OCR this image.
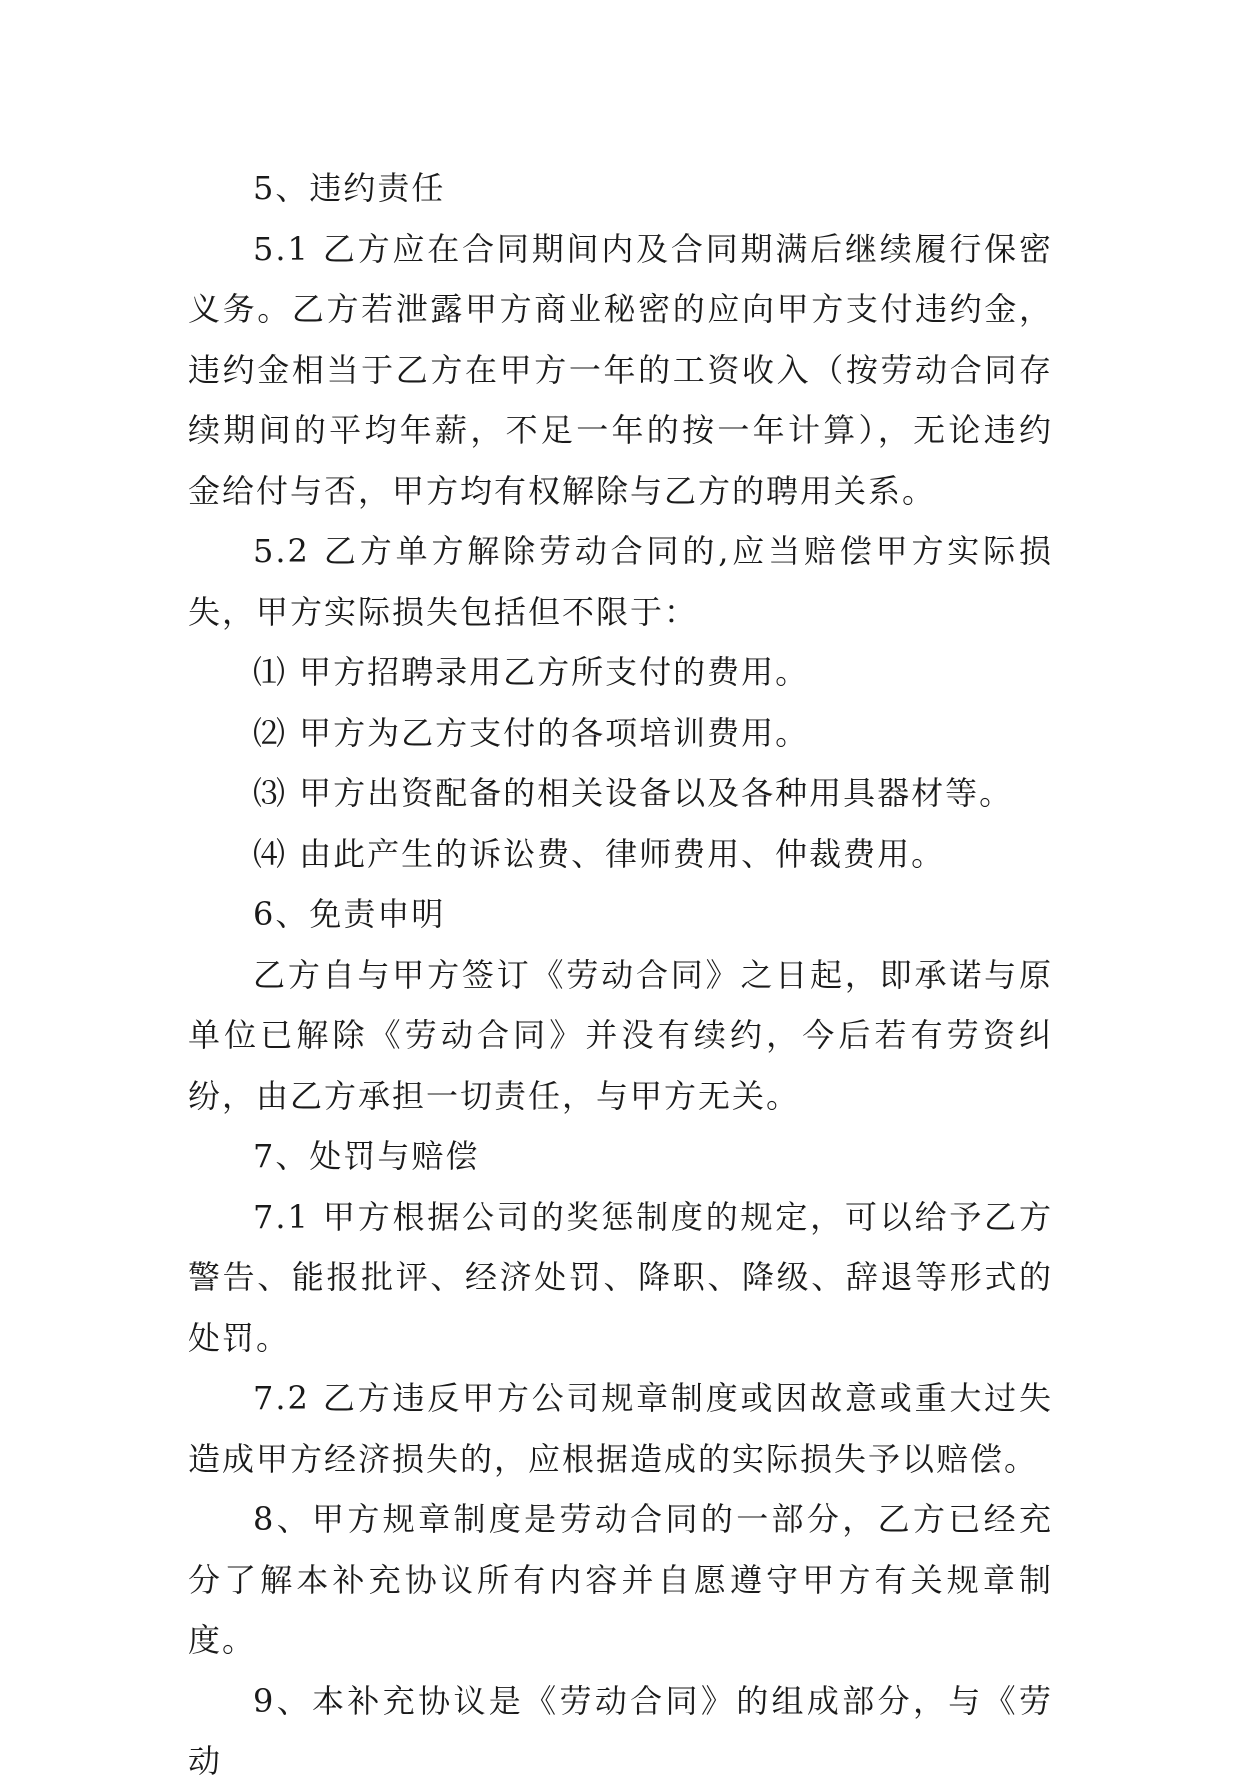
5、违约责任

5.1 乙方应在合同期间内及合同期满后继续履行保密义务。乙方若泄露甲方商业秘密的应向甲方支付违约金，违约金相当于乙方在甲方一年的工资收入（按劳动合同存续期间的平均年薪，不足一年的按一年计算），无论违约金给付与否，甲方均有权解除与乙方的聘用关系。

5.2 乙方单方解除劳动合同的,应当赔偿甲方实际损失，甲方实际损失包括但不限于：

⑴ 甲方招聘录用乙方所支付的费用。

⑵ 甲方为乙方支付的各项培训费用。

⑶ 甲方出资配备的相关设备以及各种用具器材等。

⑷ 由此产生的诉讼费、律师费用、仲裁费用。

6、免责申明

乙方自与甲方签订《劳动合同》之日起，即承诺与原单位已解除《劳动合同》并没有续约，今后若有劳资纠纷，由乙方承担一切责任，与甲方无关。

7、处罚与赔偿

7.1 甲方根据公司的奖惩制度的规定，可以给予乙方警告、能报批评、经济处罚、降职、降级、辞退等形式的处罚。

7.2 乙方违反甲方公司规章制度或因故意或重大过失造成甲方经济损失的，应根据造成的实际损失予以赔偿。

8、甲方规章制度是劳动合同的一部分，乙方已经充分了解本补充协议所有内容并自愿遵守甲方有关规章制度。

9、本补充协议是《劳动合同》的组成部分，与《劳动
